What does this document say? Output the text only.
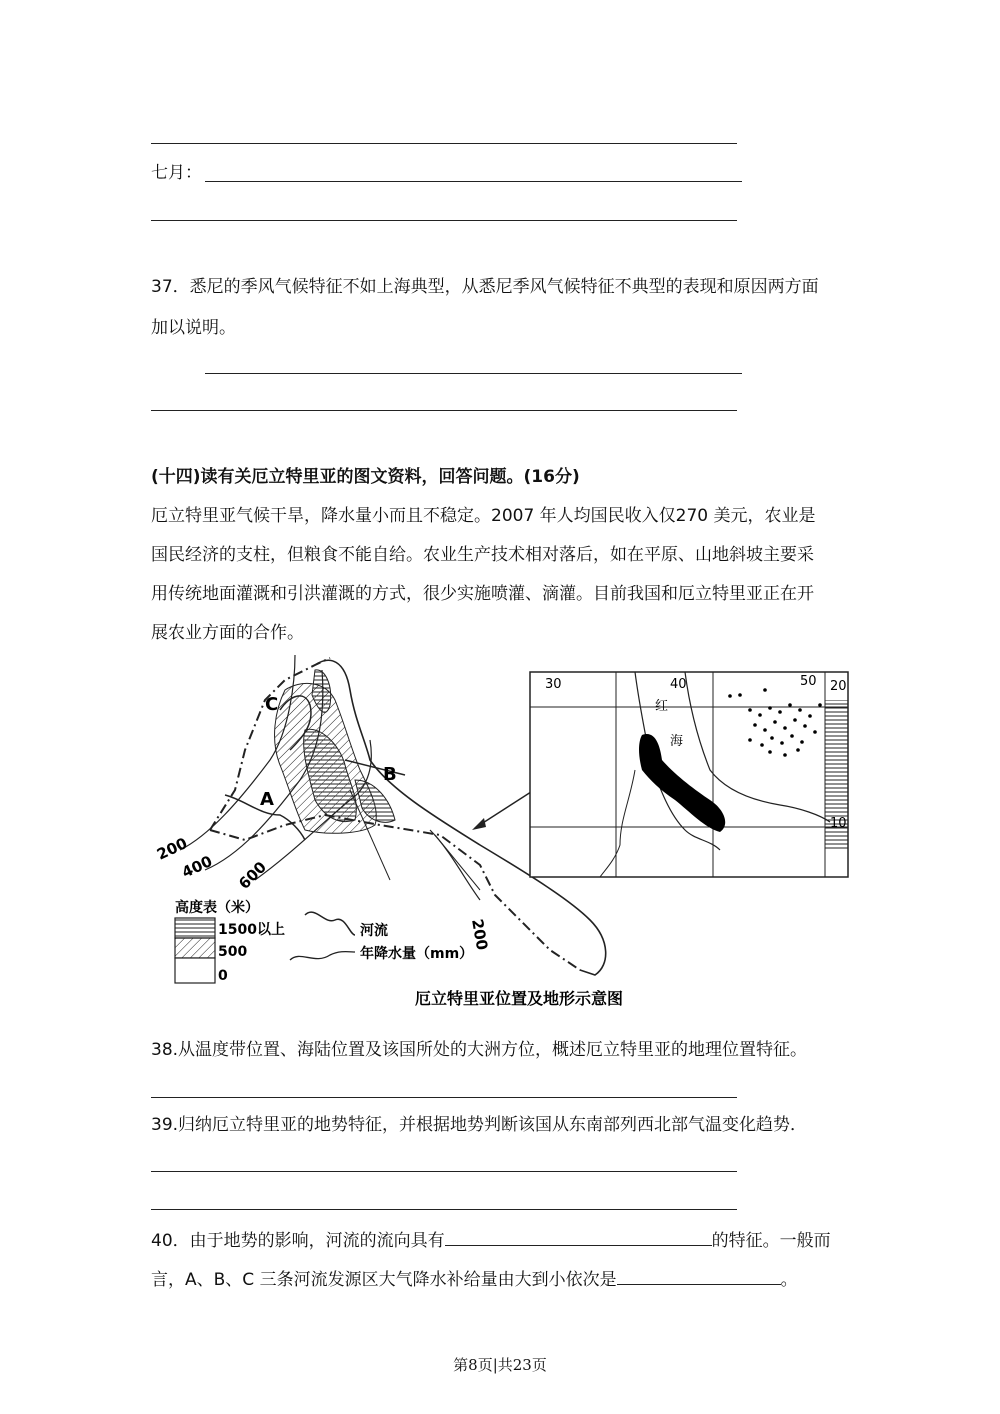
七月：
37．悉尼的季风气候特征不如上海典型，从悉尼季风气候特征不典型的表现和原因两方面
加以说明。
(十四)读有关厄立特里亚的图文资料，回答问题。(16分)
厄立特里亚气候干旱，降水量小而且不稳定。2007 年人均国民收入仅270 美元，农业是
国民经济的支柱，但粮食不能自给。农业生产技术相对落后，如在平原、山地斜坡主要采
用传统地面灌溉和引洪灌溉的方式，很少实施喷灌、滴灌。目前我国和厄立特里亚正在开
展农业方面的合作。
C
A
B
200
400 600
200
30	40	50 20
10
红
海
高度表（米）
1500以上
500
0
河流
年降水量（mm）
厄立特里亚位置及地形示意图
38.从温度带位置、海陆位置及该国所处的大洲方位，概述厄立特里亚的地理位置特征。
39.归纳厄立特里亚的地势特征，并根据地势判断该国从东南部列西北部气温变化趋势．
40．由于地势的影响，河流的流向具有	的特征。一般而
言，A、B、C 三条河流发源区大气降水补给量由大到小依次是	。
第8页|共23页
